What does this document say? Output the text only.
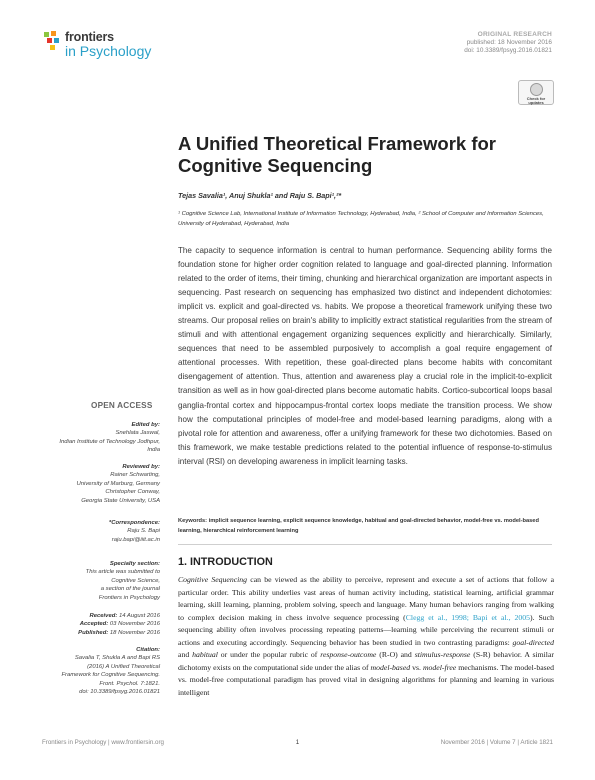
frontiers
in Psychology
ORIGINAL RESEARCH
published: 18 November 2016
doi: 10.3389/fpsyg.2016.01821
Check for
updates
A Unified Theoretical Framework for Cognitive Sequencing
Tejas Savalia¹, Anuj Shukla¹ and Raju S. Bapi¹,²*
¹ Cognitive Science Lab, International Institute of Information Technology, Hyderabad, India, ² School of Computer and Information Sciences, University of Hyderabad, Hyderabad, India
The capacity to sequence information is central to human performance. Sequencing ability forms the foundation stone for higher order cognition related to language and goal-directed planning. Information related to the order of items, their timing, chunking and hierarchical organization are important aspects in sequencing. Past research on sequencing has emphasized two distinct and independent dichotomies: implicit vs. explicit and goal-directed vs. habits. We propose a theoretical framework unifying these two streams. Our proposal relies on brain's ability to implicitly extract statistical regularities from the stream of stimuli and with attentional engagement organizing sequences explicitly and hierarchically. Similarly, sequences that need to be assembled purposively to accomplish a goal require engagement of attentional processes. With repetition, these goal-directed plans become habits with concomitant disengagement of attention. Thus, attention and awareness play a crucial role in the implicit-to-explicit transition as well as in how goal-directed plans become automatic habits. Cortico-subcortical loops basal ganglia-frontal cortex and hippocampus-frontal cortex loops mediate the transition process. We show how the computational principles of model-free and model-based learning paradigms, along with a pivotal role for attention and awareness, offer a unifying framework for these two dichotomies. Based on this framework, we make testable predictions related to the potential influence of response-to-stimulus interval (RSI) on developing awareness in implicit learning tasks.
OPEN ACCESS
Edited by:
Snehlata Jaswal,
Indian Institute of Technology Jodhpur,
India
Reviewed by:
Rainer Schwarting,
University of Marburg, Germany
Christopher Conway,
Georgia State University, USA
*Correspondence:
Raju S. Bapi
raju.bapi@iiit.ac.in
Specialty section:
This article was submitted to
Cognitive Science,
a section of the journal
Frontiers in Psychology
Received: 14 August 2016
Accepted: 03 November 2016
Published: 18 November 2016
Citation:
Savalia T, Shukla A and Bapi RS
(2016) A Unified Theoretical
Framework for Cognitive Sequencing.
Front. Psychol. 7:1821.
doi: 10.3389/fpsyg.2016.01821
Keywords: implicit sequence learning, explicit sequence knowledge, habitual and goal-directed behavior, model-free vs. model-based learning, hierarchical reinforcement learning
1. INTRODUCTION
Cognitive Sequencing can be viewed as the ability to perceive, represent and execute a set of actions that follow a particular order. This ability underlies vast areas of human activity including, statistical learning, artificial grammar learning, skill learning, planning, problem solving, speech and language. Many human behaviors ranging from walking to complex decision making in chess involve sequence processing (Clegg et al., 1998; Bapi et al., 2005). Such sequencing ability often involves processing repeating patterns—learning while perceiving the recurrent stimuli or actions and executing accordingly. Sequencing behavior has been studied in two contrasting paradigms: goal-directed and habitual or under the popular rubric of response-outcome (R-O) and stimulus-response (S-R) behavior. A similar dichotomy exists on the computational side under the alias of model-based vs. model-free mechanisms. The model-based vs. model-free computational paradigm has proved vital in designing algorithms for planning and learning in various intelligent
Frontiers in Psychology | www.frontiersin.org	1	November 2016 | Volume 7 | Article 1821
